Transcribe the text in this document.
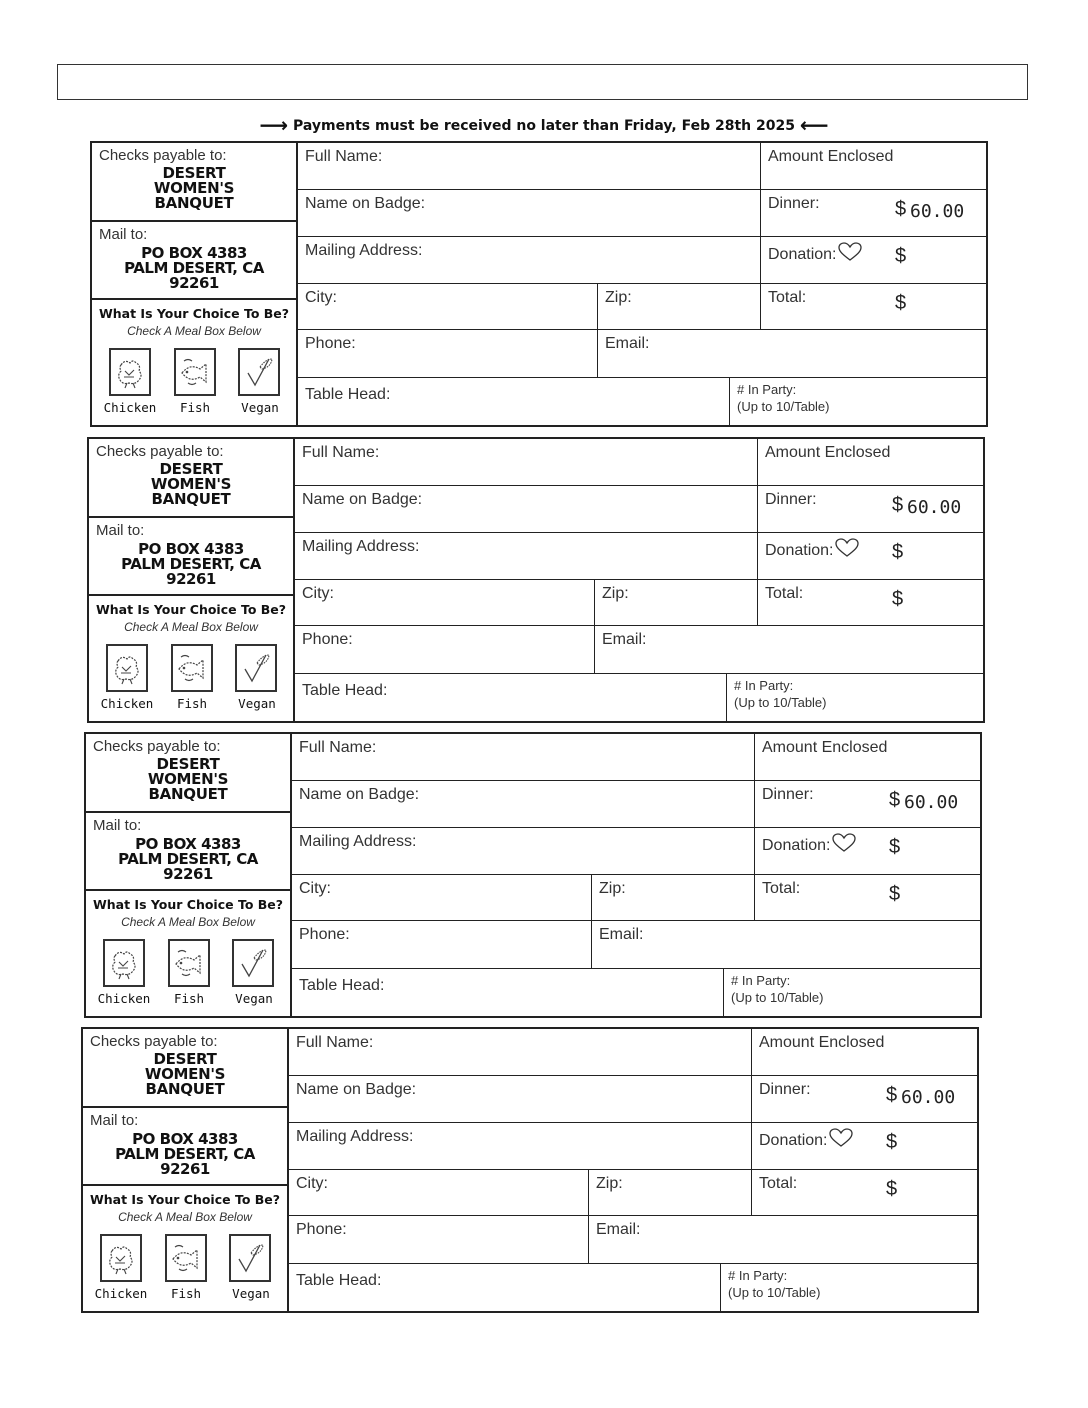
⟶ Payments must be received no later than Friday, Feb 28th 2025 ⟵
Checks payable to:
DESERT
WOMEN'S
BANQUET
Mail to:
PO BOX 4383
PALM DESERT, CA
92261
What Is Your Choice To Be?
Check A Meal Box Below
Chicken	Fish	Vegan
Full Name:	Amount Enclosed
Name on Badge:	Dinner:	$ 60.00
Mailing Address:	Donation:	$
City:	Zip:	Total:	$
Phone:	Email:
Table Head:	# In Party:
(Up to 10/Table)
Checks payable to:
DESERT
WOMEN'S
BANQUET
Mail to:
PO BOX 4383
PALM DESERT, CA
92261
What Is Your Choice To Be?
Check A Meal Box Below
Chicken	Fish	Vegan
Full Name:	Amount Enclosed
Name on Badge:	Dinner:	$ 60.00
Mailing Address:	Donation:	$
City:	Zip:	Total:	$
Phone:	Email:
Table Head:	# In Party:
(Up to 10/Table)
Checks payable to:
DESERT
WOMEN'S
BANQUET
Mail to:
PO BOX 4383
PALM DESERT, CA
92261
What Is Your Choice To Be?
Check A Meal Box Below
Chicken	Fish	Vegan
Full Name:	Amount Enclosed
Name on Badge:	Dinner:	$ 60.00
Mailing Address:	Donation:	$
City:	Zip:	Total:	$
Phone:	Email:
Table Head:	# In Party:
(Up to 10/Table)
Checks payable to:
DESERT
WOMEN'S
BANQUET
Mail to:
PO BOX 4383
PALM DESERT, CA
92261
What Is Your Choice To Be?
Check A Meal Box Below
Chicken	Fish	Vegan
Full Name:	Amount Enclosed
Name on Badge:	Dinner:	$ 60.00
Mailing Address:	Donation:	$
City:	Zip:	Total:	$
Phone:	Email:
Table Head:	# In Party:
(Up to 10/Table)
